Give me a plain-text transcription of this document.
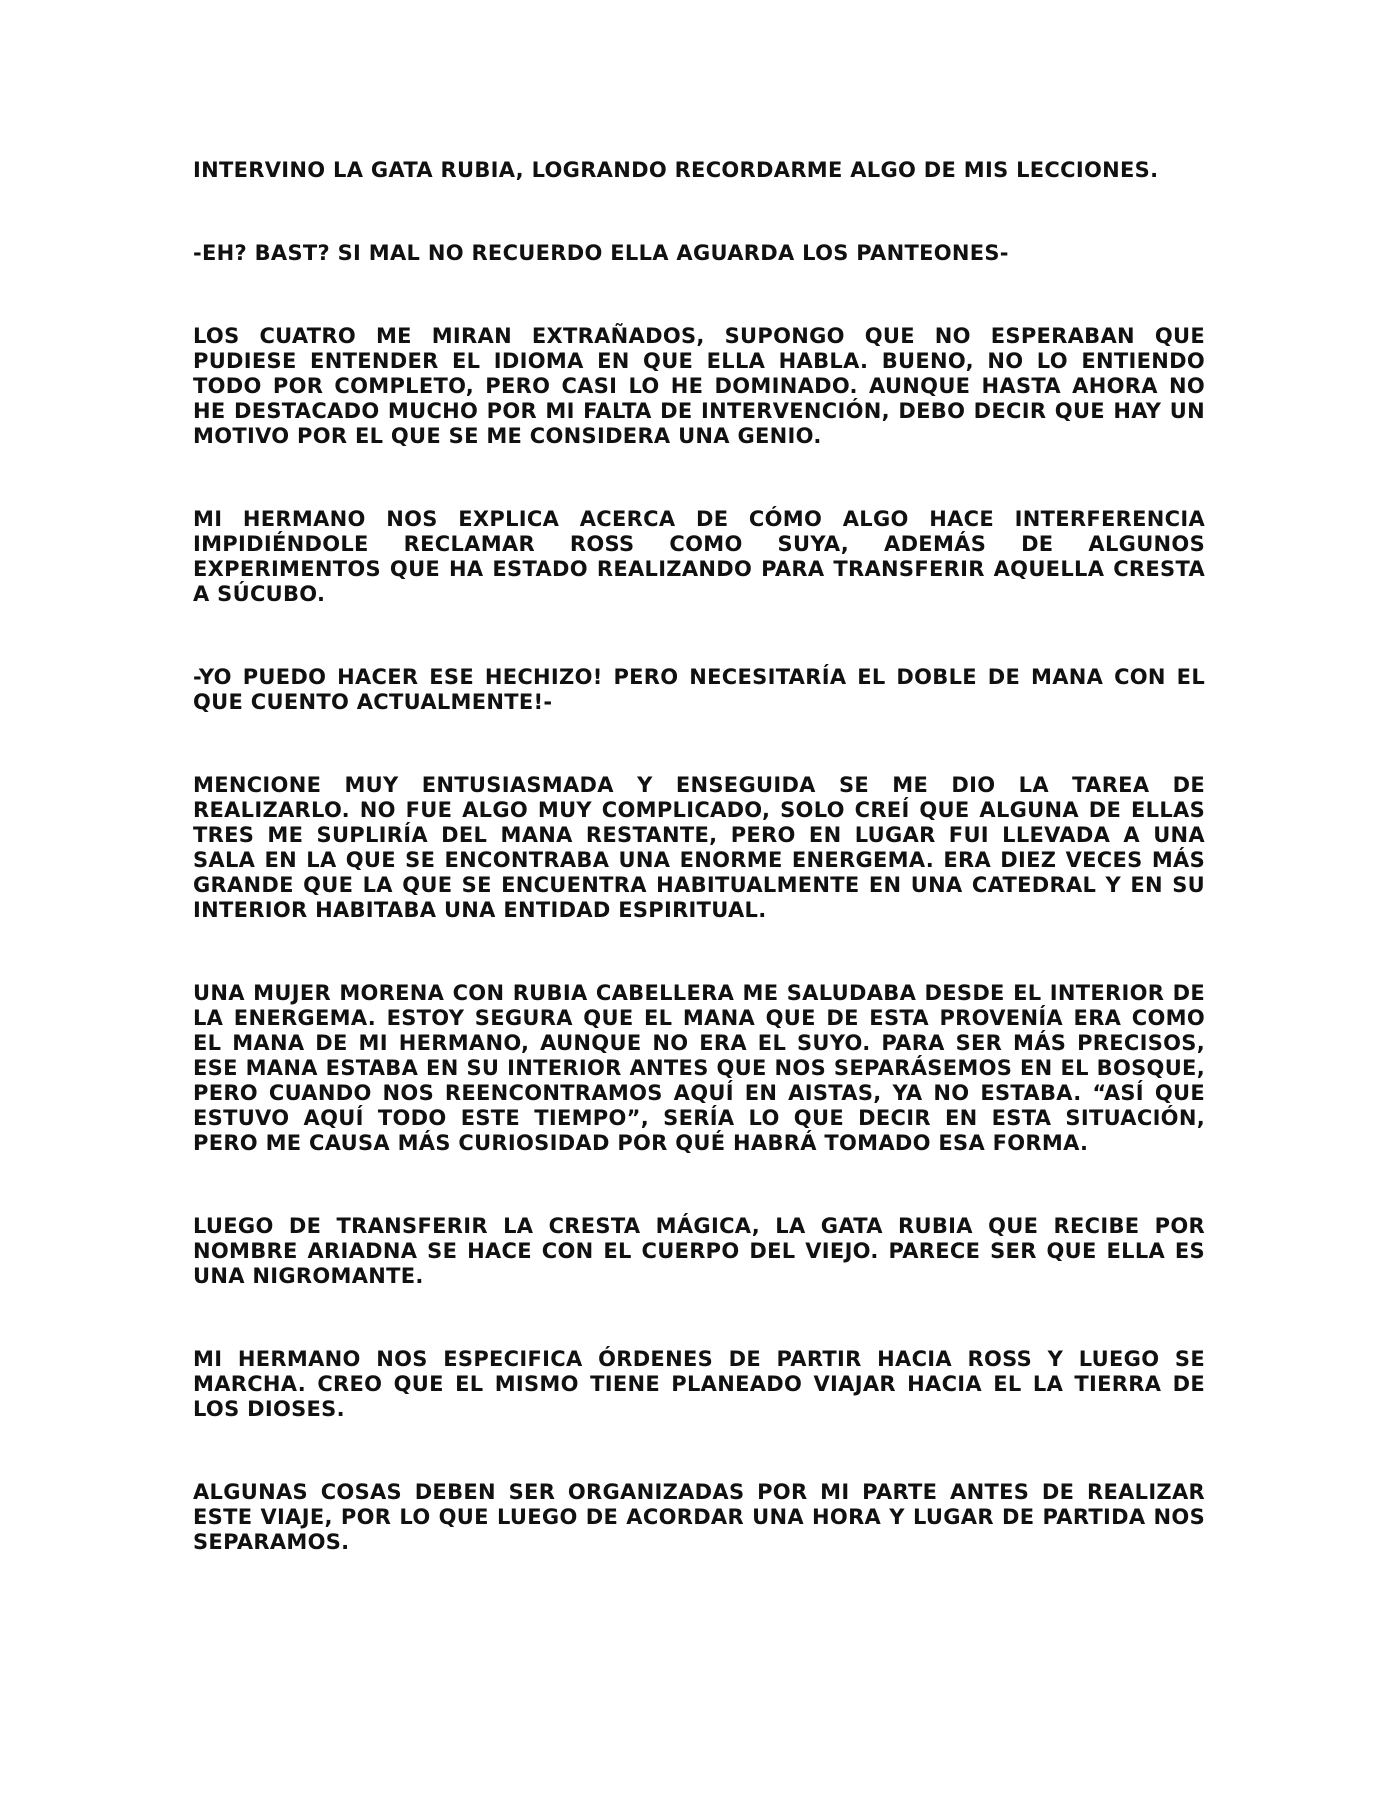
INTERVINO LA GATA RUBIA, LOGRANDO RECORDARME ALGO DE MIS LECCIONES.

-EH? BAST? SI MAL NO RECUERDO ELLA AGUARDA LOS PANTEONES-

LOS CUATRO ME MIRAN EXTRAÑADOS, SUPONGO QUE NO ESPERABAN QUE PUDIESE ENTENDER EL IDIOMA EN QUE ELLA HABLA. BUENO, NO LO ENTIENDO TODO POR COMPLETO, PERO CASI LO HE DOMINADO. AUNQUE HASTA AHORA NO HE DESTACADO MUCHO POR MI FALTA DE INTERVENCIÓN, DEBO DECIR QUE HAY UN MOTIVO POR EL QUE SE ME CONSIDERA UNA GENIO.

MI HERMANO NOS EXPLICA ACERCA DE CÓMO ALGO HACE INTERFERENCIA IMPIDIÉNDOLE RECLAMAR ROSS COMO SUYA, ADEMÁS DE ALGUNOS EXPERIMENTOS QUE HA ESTADO REALIZANDO PARA TRANSFERIR AQUELLA CRESTA A SÚCUBO.

-YO PUEDO HACER ESE HECHIZO! PERO NECESITARÍA EL DOBLE DE MANA CON EL QUE CUENTO ACTUALMENTE!-

MENCIONE MUY ENTUSIASMADA Y ENSEGUIDA SE ME DIO LA TAREA DE REALIZARLO. NO FUE ALGO MUY COMPLICADO, SOLO CREÍ QUE ALGUNA DE ELLAS TRES ME SUPLIRÍA DEL MANA RESTANTE, PERO EN LUGAR FUI LLEVADA A UNA SALA EN LA QUE SE ENCONTRABA UNA ENORME ENERGEMA. ERA DIEZ VECES MÁS GRANDE QUE LA QUE SE ENCUENTRA HABITUALMENTE EN UNA CATEDRAL Y EN SU INTERIOR HABITABA UNA ENTIDAD ESPIRITUAL.

UNA MUJER MORENA CON RUBIA CABELLERA ME SALUDABA DESDE EL INTERIOR DE LA ENERGEMA. ESTOY SEGURA QUE EL MANA QUE DE ESTA PROVENÍA ERA COMO EL MANA DE MI HERMANO, AUNQUE NO ERA EL SUYO. PARA SER MÁS PRECISOS, ESE MANA ESTABA EN SU INTERIOR ANTES QUE NOS SEPARÁSEMOS EN EL BOSQUE, PERO CUANDO NOS REENCONTRAMOS AQUÍ EN AISTAS, YA NO ESTABA. “ASÍ QUE ESTUVO AQUÍ TODO ESTE TIEMPO”, SERÍA LO QUE DECIR EN ESTA SITUACIÓN, PERO ME CAUSA MÁS CURIOSIDAD POR QUÉ HABRÁ TOMADO ESA FORMA.

LUEGO DE TRANSFERIR LA CRESTA MÁGICA, LA GATA RUBIA QUE RECIBE POR NOMBRE ARIADNA SE HACE CON EL CUERPO DEL VIEJO. PARECE SER QUE ELLA ES UNA NIGROMANTE.

MI HERMANO NOS ESPECIFICA ÓRDENES DE PARTIR HACIA ROSS Y LUEGO SE MARCHA. CREO QUE EL MISMO TIENE PLANEADO VIAJAR HACIA EL LA TIERRA DE LOS DIOSES.

ALGUNAS COSAS DEBEN SER ORGANIZADAS POR MI PARTE ANTES DE REALIZAR ESTE VIAJE, POR LO QUE LUEGO DE ACORDAR UNA HORA Y LUGAR DE PARTIDA NOS SEPARAMOS.
